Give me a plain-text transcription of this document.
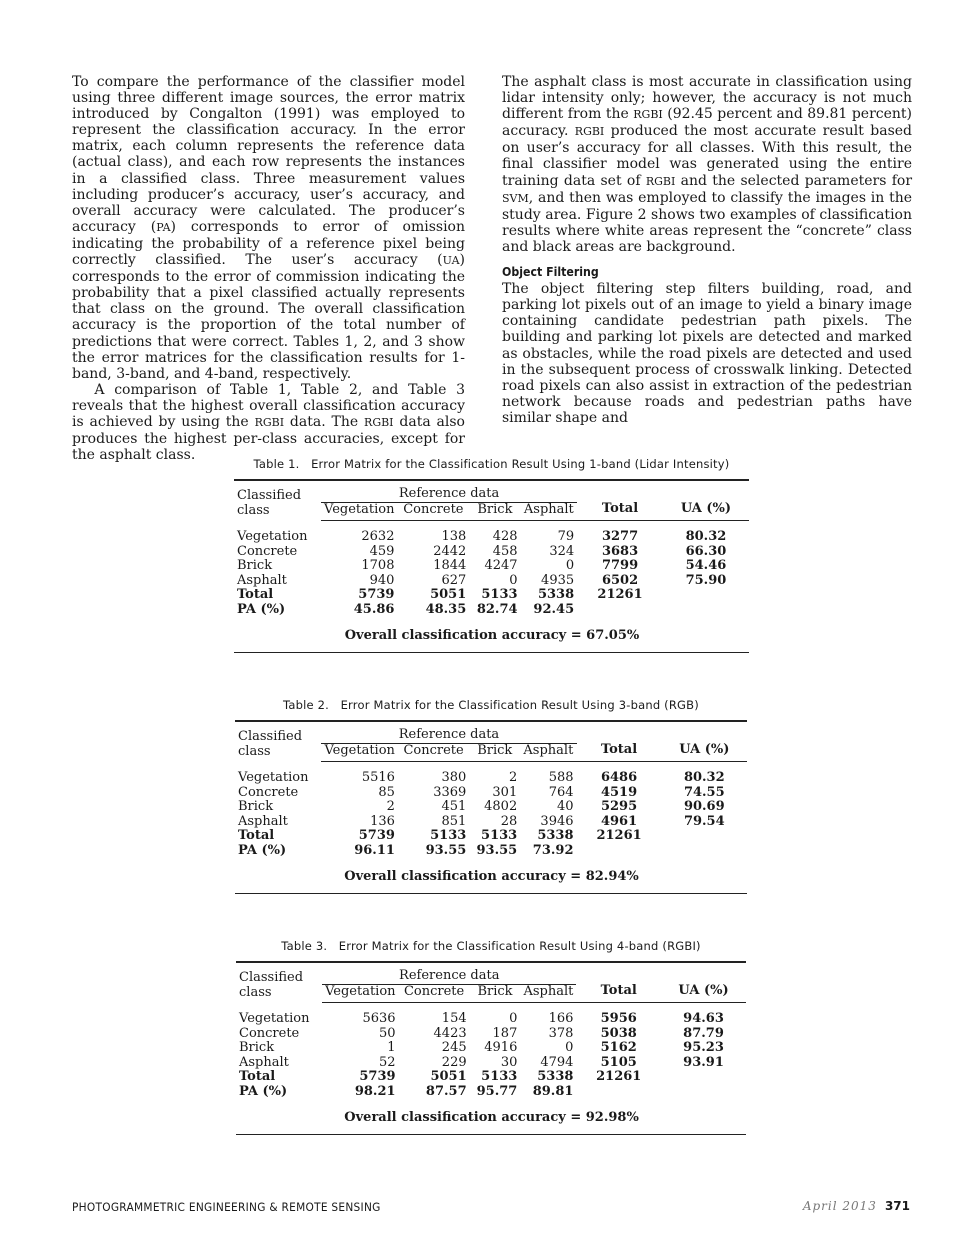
To compare the performance of the classifier model using three different image sources, the error matrix introduced by Congalton (1991) was employed to represent the classification accuracy. In the error matrix, each column represents the reference data (actual class), and each row represents the instances in a classified class. Three measurement values including producer’s accuracy, user’s accuracy, and overall accuracy were calculated. The producer’s accuracy (PA) corresponds to error of omission indicating the probability of a reference pixel being correctly classified. The user’s accuracy (UA) corresponds to the error of commission indicating the probability that a pixel classified actually represents that class on the ground. The overall classification accuracy is the proportion of the total number of predictions that were correct. Tables 1, 2, and 3 show the error matrices for the classification results for 1-band, 3-band, and 4-band, respectively.

A comparison of Table 1, Table 2, and Table 3 reveals that the highest overall classification accuracy is achieved by using the RGBI data. The RGBI data also produces the highest per-class accuracies, except for the asphalt class.

The asphalt class is most accurate in classification using lidar intensity only; however, the accuracy is not much different from the RGBI (92.45 percent and 89.81 percent) accuracy. RGBI produced the most accurate result based on user’s accuracy for all classes. With this result, the final classifier model was generated using the entire training data set of RGBI and the selected parameters for SVM, and then was employed to classify the images in the study area. Figure 2 shows two examples of classification results where white areas represent the “concrete” class and black areas are background.

Object Filtering

The object filtering step filters building, road, and parking lot pixels out of an image to yield a binary image containing candidate pedestrian path pixels. The building and parking lot pixels are detected and marked as obstacles, while the road pixels are detected and used in the subsequent process of crosswalk linking. Detected road pixels can also assist in extraction of the pedestrian network because roads and pedestrian paths have similar shape and

PHOTOGRAMMETRIC ENGINEERING & REMOTE SENSING	April 2013 371
Table 1. Error Matrix for the Classification Result Using 1-band (Lidar Intensity)
Classified
class	Reference data					
	Vegetation	Concrete	Brick	Asphalt	Total	UA (%)
Vegetation	2632	138	428	79	3277	80.32
Concrete	459	2442	458	324	3683	66.30
Brick	1708	1844	4247	0	7799	54.46
Asphalt	940	627	0	4935	6502	75.90
Total	5739	5051	5133	5338	21261	
PA (%)	45.86	48.35	82.74	92.45		
	Overall classification accuracy = 67.05%					
Table 2. Error Matrix for the Classification Result Using 3-band (RGB)
Classified
class	Reference data					
	Vegetation	Concrete	Brick	Asphalt	Total	UA (%)
Vegetation	5516	380	2	588	6486	80.32
Concrete	85	3369	301	764	4519	74.55
Brick	2	451	4802	40	5295	90.69
Asphalt	136	851	28	3946	4961	79.54
Total	5739	5133	5133	5338	21261	
PA (%)	96.11	93.55	93.55	73.92		
	Overall classification accuracy = 82.94%					
Table 3. Error Matrix for the Classification Result Using 4-band (RGBI)
Classified
class	Reference data					
	Vegetation	Concrete	Brick	Asphalt	Total	UA (%)
Vegetation	5636	154	0	166	5956	94.63
Concrete	50	4423	187	378	5038	87.79
Brick	1	245	4916	0	5162	95.23
Asphalt	52	229	30	4794	5105	93.91
Total	5739	5051	5133	5338	21261	
PA (%)	98.21	87.57	95.77	89.81		
	Overall classification accuracy = 92.98%					
